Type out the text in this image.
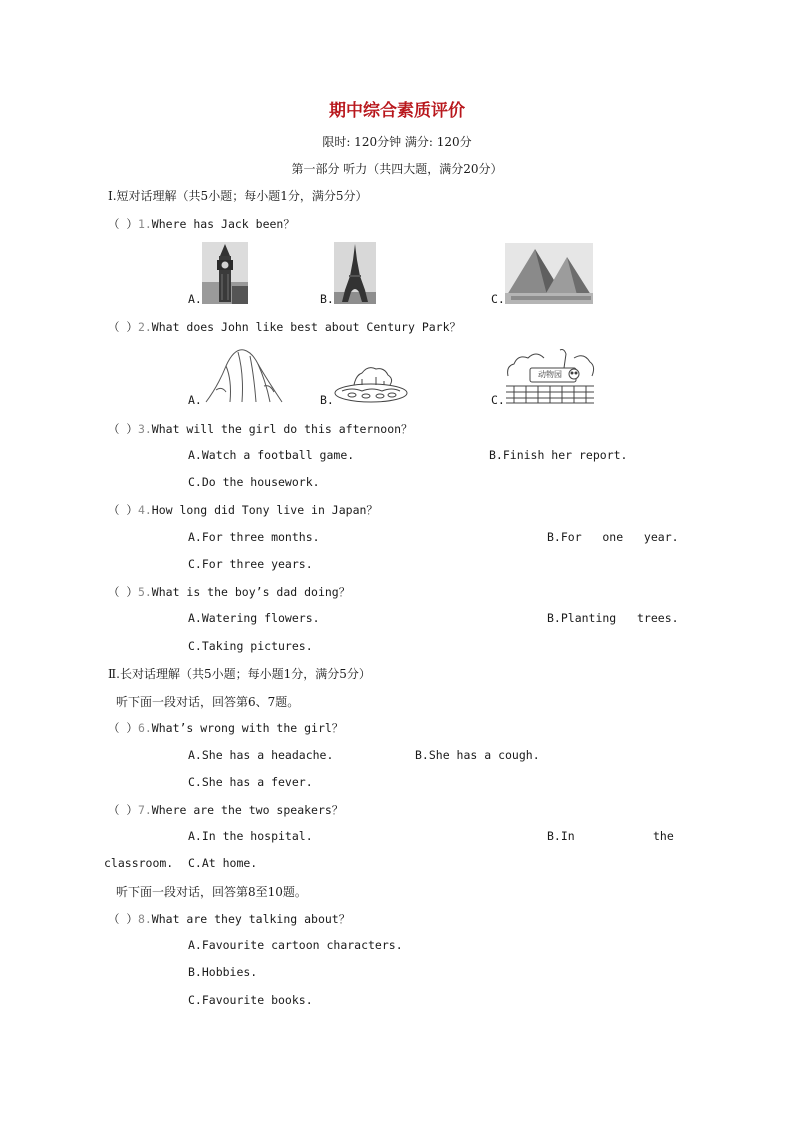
期中综合素质评价
限时: 120分钟 满分: 120分
第一部分 听力（共四大题，满分20分）
Ⅰ.短对话理解（共5小题；每小题1分，满分5分）
（ ）1.Where has Jack been？
A.	B.	C.
（ ）2.What does John like best about Century Park？
A.	B.	C.
动物园
（ ）3.What will the girl do this afternoon？
A.Watch a football game.	B.Finish her report.
C.Do the housework.
（ ）4.How long did Tony live in Japan？
A.For three months.	B.For   one   year.
C.For three years.
（ ）5.What is the boy’s dad doing？
A.Watering flowers.	B.Planting   trees.
C.Taking pictures.
Ⅱ.长对话理解（共5小题；每小题1分，满分5分）
听下面一段对话，回答第6、7题。
（ ）6.What’s wrong with the girl？
A.She has a headache.	B.She has a cough.
C.She has a fever.
（ ）7.Where are the two speakers？
A.In the hospital.	B.In	the
classroom. C.At home.
听下面一段对话，回答第8至10题。
（ ）8.What are they talking about？
A.Favourite cartoon characters.
B.Hobbies.
C.Favourite books.
